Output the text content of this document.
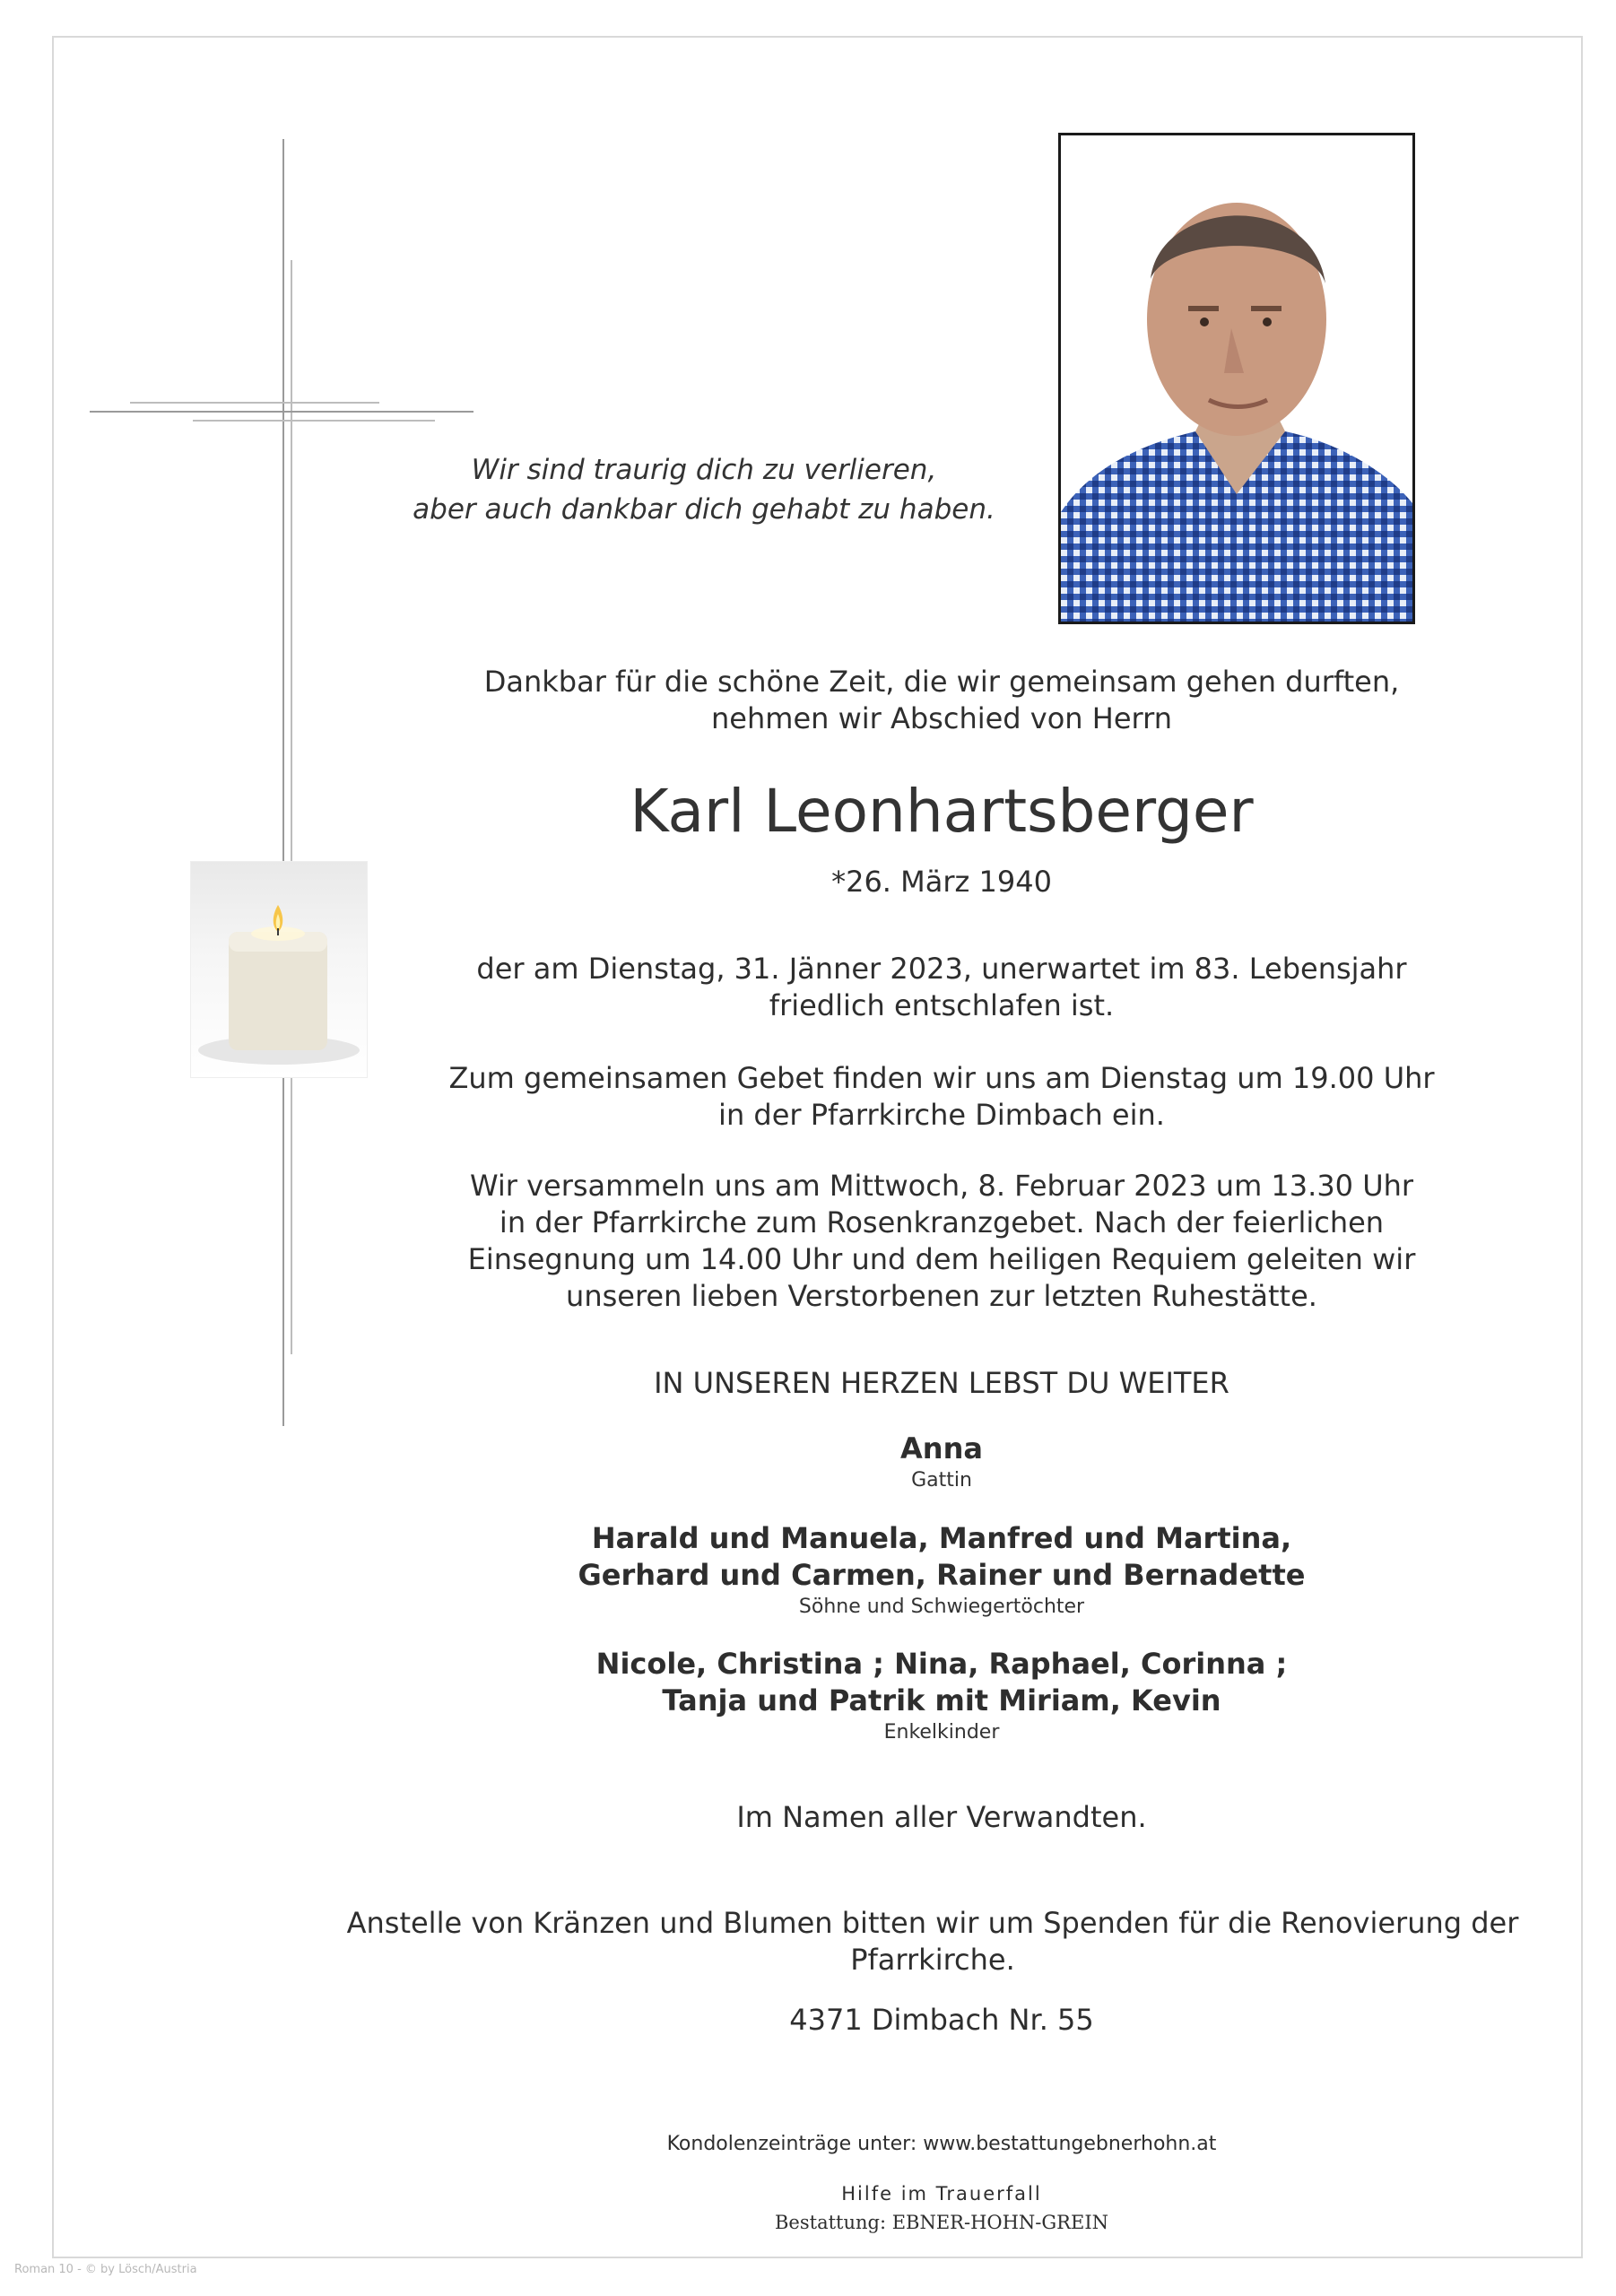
Wir sind traurig dich zu verlieren,
aber auch dankbar dich gehabt zu haben.
Dankbar für die schöne Zeit, die wir gemeinsam gehen durften,
nehmen wir Abschied von Herrn
Karl Leonhartsberger
*26. März 1940
der am Dienstag, 31. Jänner 2023, unerwartet im 83. Lebensjahr
friedlich entschlafen ist.
Zum gemeinsamen Gebet finden wir uns am Dienstag um 19.00 Uhr
in der Pfarrkirche Dimbach ein.
Wir versammeln uns am Mittwoch, 8. Februar 2023 um 13.30 Uhr
in der Pfarrkirche zum Rosenkranzgebet. Nach der feierlichen
Einsegnung um 14.00 Uhr und dem heiligen Requiem geleiten wir
unseren lieben Verstorbenen zur letzten Ruhestätte.
IN UNSEREN HERZEN LEBST DU WEITER
Anna
Gattin
Harald und Manuela, Manfred und Martina,
Gerhard und Carmen, Rainer und Bernadette
Söhne und Schwiegertöchter
Nicole, Christina ; Nina, Raphael, Corinna ;
Tanja und Patrik mit Miriam, Kevin
Enkelkinder
Im Namen aller Verwandten.
Anstelle von Kränzen und Blumen bitten wir um Spenden für die Renovierung der Pfarrkirche.
4371 Dimbach Nr. 55
Kondolenzeinträge unter: www.bestattungebnerhohn.at
Hilfe im Trauerfall
Bestattung: EBNER-HOHN-GREIN
Roman 10 - © by Lösch/Austria
